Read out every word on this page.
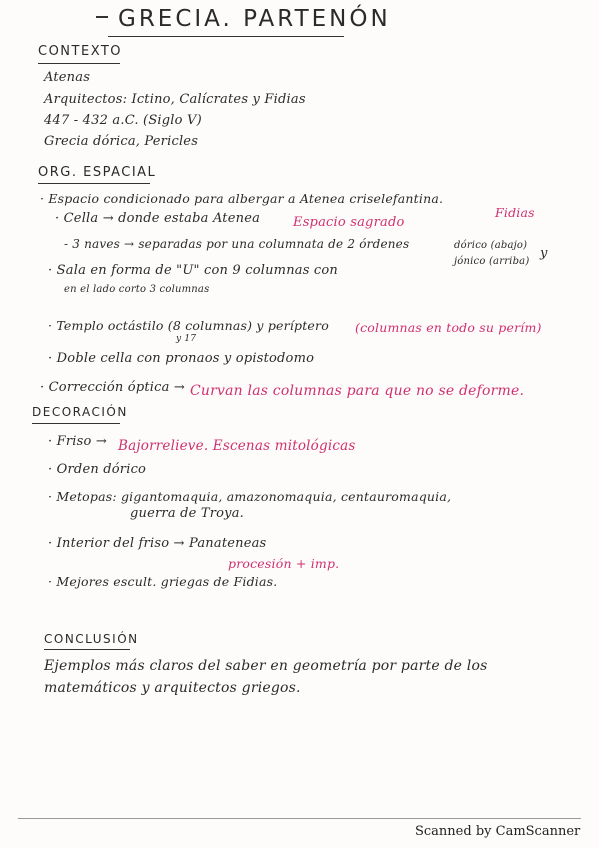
GRECIA. PARTENÓN
CONTEXTO
Atenas
Arquitectos: Ictino, Calícrates y Fidias
447 - 432 a.C. (Siglo V)
Grecia dórica, Pericles
ORG. ESPACIAL
· Espacio condicionado para albergar a Atenea criselefantina.
Fidias
· Cella → donde estaba Atenea	Espacio sagrado
- 3 naves → separadas por una columnata de 2 órdenes	dórico (abajo)
y
jónico (arriba)
· Sala en forma de "U" con 9 columnas con
en el lado corto 3 columnas
· Templo octástilo (8 columnas) y períptero (columnas en todo su perím)
y 17
· Doble cella con pronaos y opistodomo
· Corrección óptica → Curvan las columnas para que no se deforme.
DECORACIÓN
· Friso → Bajorrelieve. Escenas mitológicas
· Orden dórico
· Metopas: gigantomaquia, amazonomaquia, centauromaquia,
guerra de Troya.
· Interior del friso → Panateneas
procesión + imp.
· Mejores escult. griegas de Fidias.
CONCLUSIÓN
Ejemplos más claros del saber en geometría por parte de los
matemáticos y arquitectos griegos.
Scanned by CamScanner
